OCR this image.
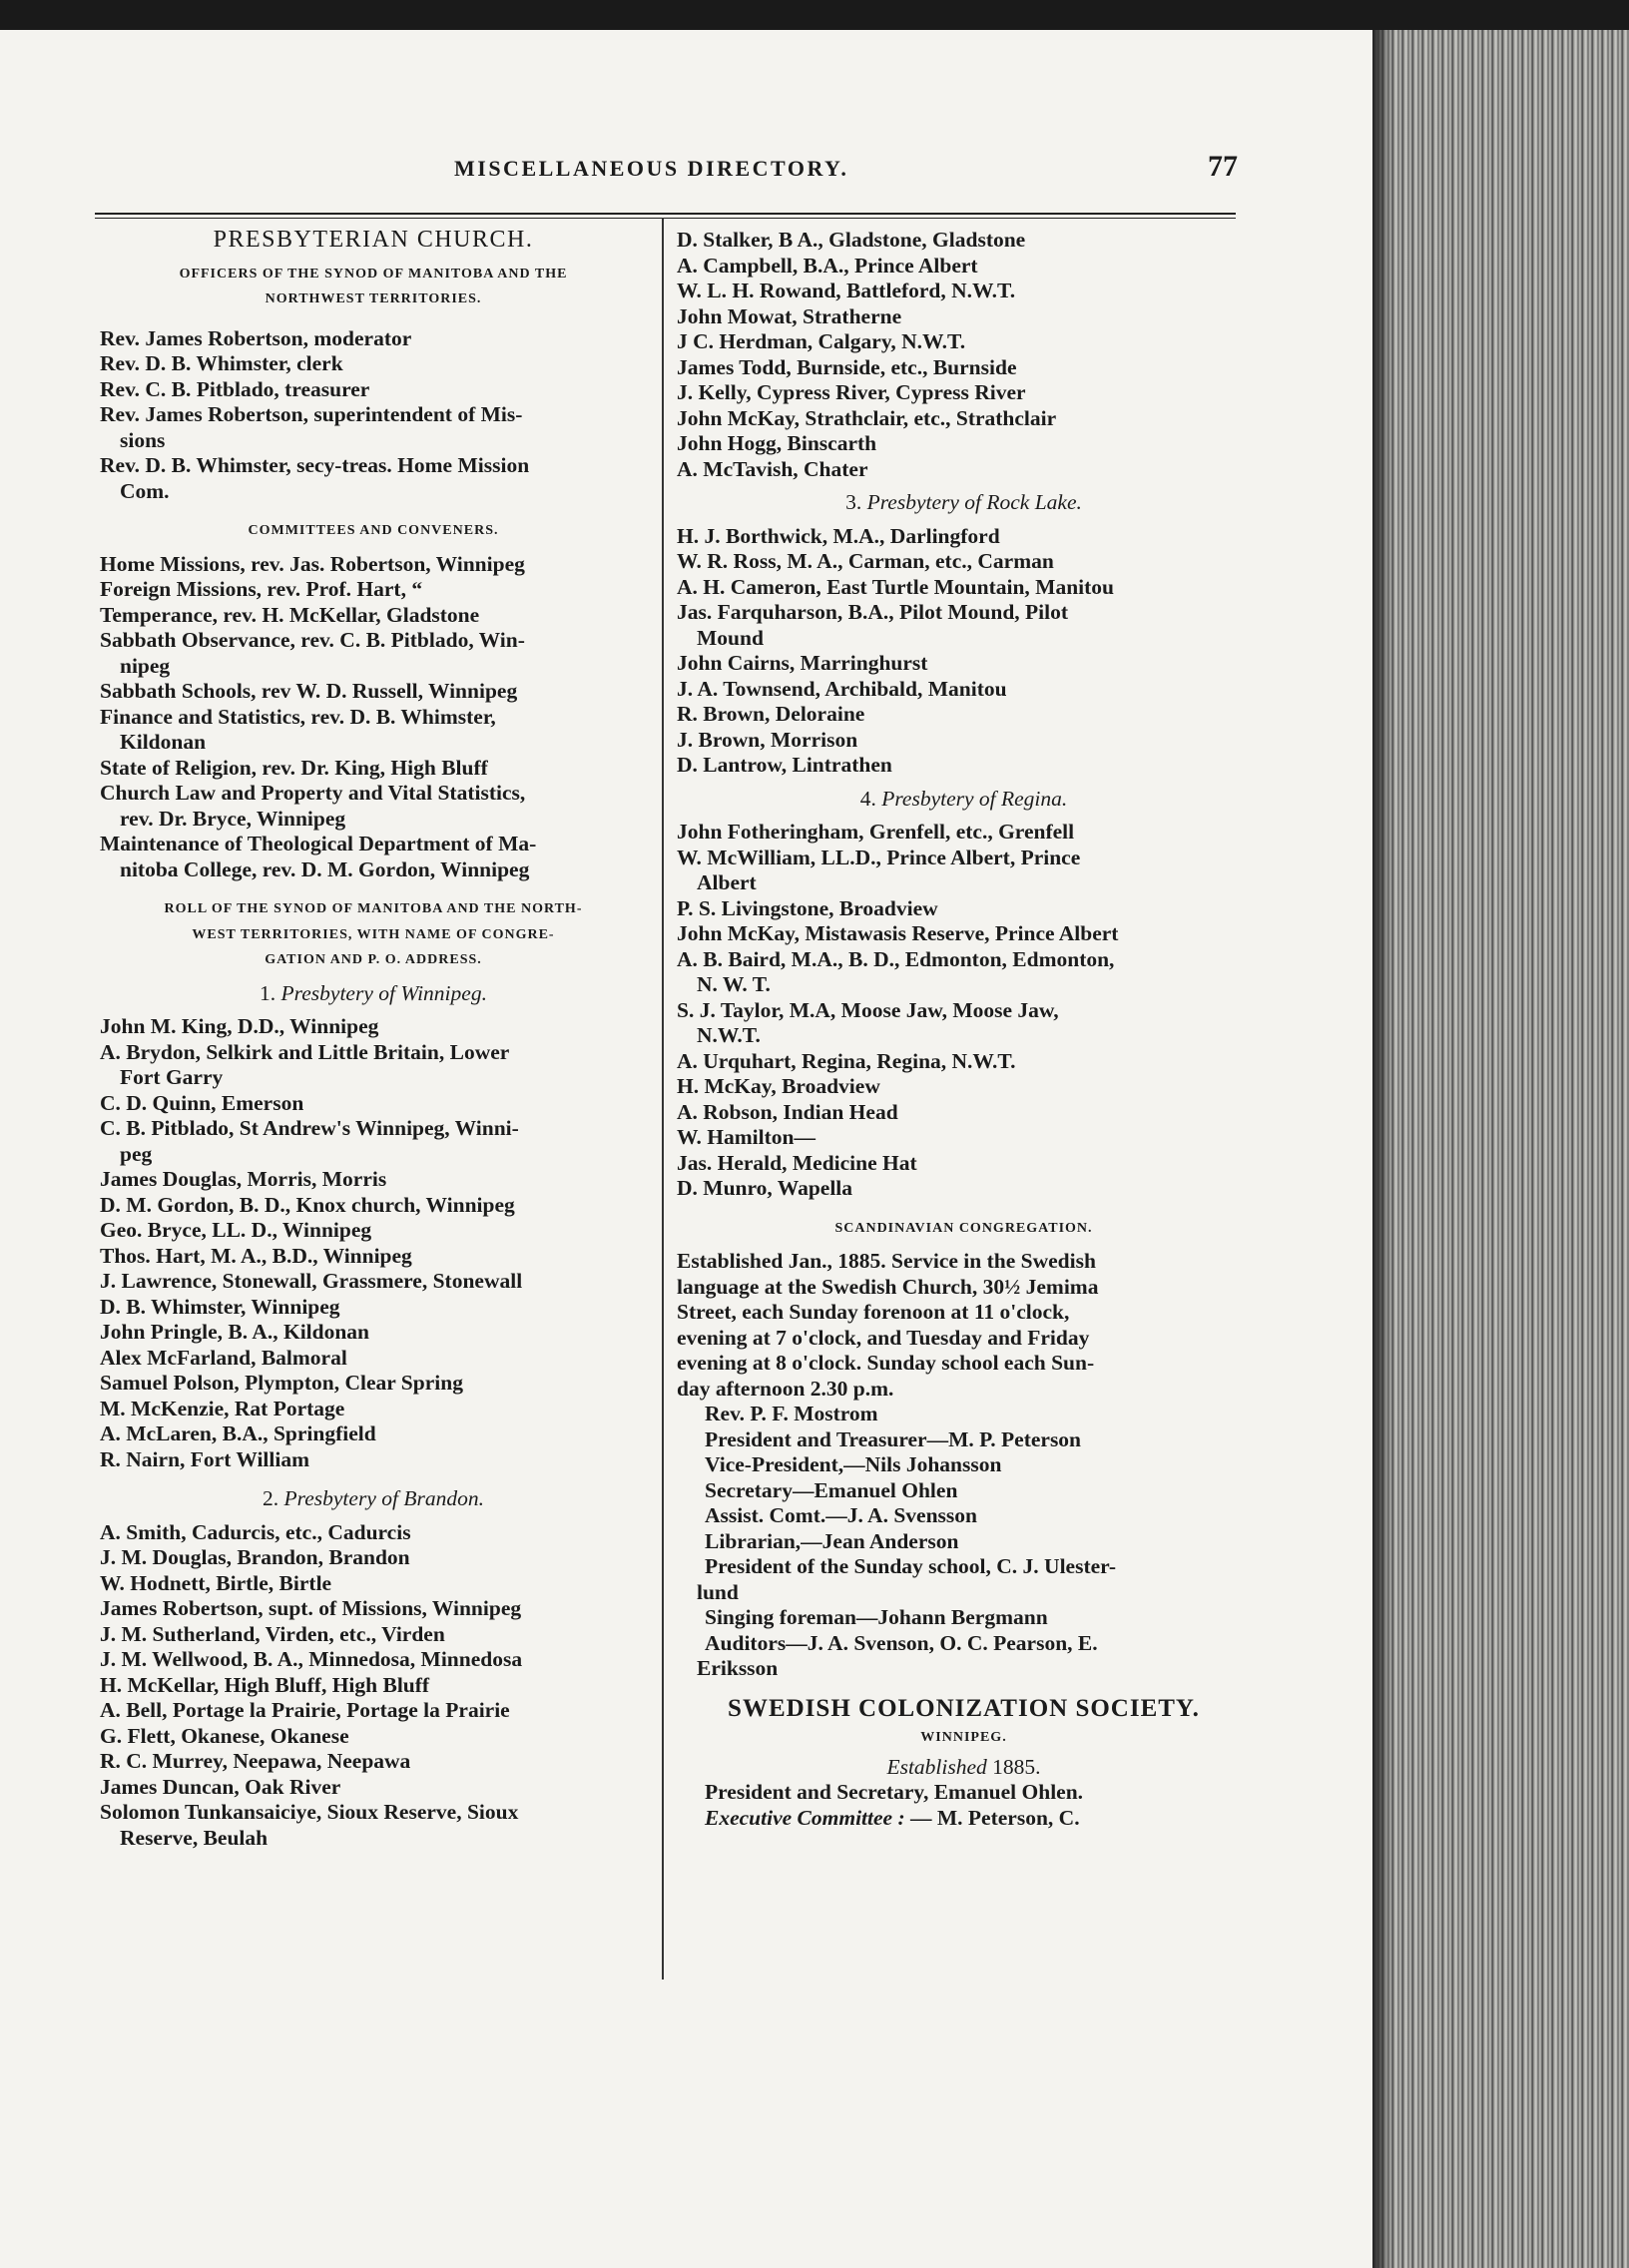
MISCELLANEOUS DIRECTORY.	77
PRESBYTERIAN CHURCH.
OFFICERS OF THE SYNOD OF MANITOBA AND THE
NORTHWEST TERRITORIES.
Rev. James Robertson, moderator
Rev. D. B. Whimster, clerk
Rev. C. B. Pitblado, treasurer
Rev. James Robertson, superintendent of Mis-
sions
Rev. D. B. Whimster, secy-treas. Home Mission
Com.
COMMITTEES AND CONVENERS.
Home Missions, rev. Jas. Robertson, Winnipeg
Foreign Missions, rev. Prof. Hart, “
Temperance, rev. H. McKellar, Gladstone
Sabbath Observance, rev. C. B. Pitblado, Win-
nipeg
Sabbath Schools, rev W. D. Russell, Winnipeg
Finance and Statistics, rev. D. B. Whimster,
Kildonan
State of Religion, rev. Dr. King, High Bluff
Church Law and Property and Vital Statistics,
rev. Dr. Bryce, Winnipeg
Maintenance of Theological Department of Ma-
nitoba College, rev. D. M. Gordon, Winnipeg
ROLL OF THE SYNOD OF MANITOBA AND THE NORTH-
WEST TERRITORIES, WITH NAME OF CONGRE-
GATION AND P. O. ADDRESS.
1. Presbytery of Winnipeg.
John M. King, D.D., Winnipeg
A. Brydon, Selkirk and Little Britain, Lower
Fort Garry
C. D. Quinn, Emerson
C. B. Pitblado, St Andrew's Winnipeg, Winni-
peg
James Douglas, Morris, Morris
D. M. Gordon, B. D., Knox church, Winnipeg
Geo. Bryce, LL. D., Winnipeg
Thos. Hart, M. A., B.D., Winnipeg
J. Lawrence, Stonewall, Grassmere, Stonewall
D. B. Whimster, Winnipeg
John Pringle, B. A., Kildonan
Alex McFarland, Balmoral
Samuel Polson, Plympton, Clear Spring
M. McKenzie, Rat Portage
A. McLaren, B.A., Springfield
R. Nairn, Fort William
2. Presbytery of Brandon.
A. Smith, Cadurcis, etc., Cadurcis
J. M. Douglas, Brandon, Brandon
W. Hodnett, Birtle, Birtle
James Robertson, supt. of Missions, Winnipeg
J. M. Sutherland, Virden, etc., Virden
J. M. Wellwood, B. A., Minnedosa, Minnedosa
H. McKellar, High Bluff, High Bluff
A. Bell, Portage la Prairie, Portage la Prairie
G. Flett, Okanese, Okanese
R. C. Murrey, Neepawa, Neepawa
James Duncan, Oak River
Solomon Tunkansaiciye, Sioux Reserve, Sioux
Reserve, Beulah
D. Stalker, B A., Gladstone, Gladstone
A. Campbell, B.A., Prince Albert
W. L. H. Rowand, Battleford, N.W.T.
John Mowat, Stratherne
J C. Herdman, Calgary, N.W.T.
James Todd, Burnside, etc., Burnside
J. Kelly, Cypress River, Cypress River
John McKay, Strathclair, etc., Strathclair
John Hogg, Binscarth
A. McTavish, Chater
3. Presbytery of Rock Lake.
H. J. Borthwick, M.A., Darlingford
W. R. Ross, M. A., Carman, etc., Carman
A. H. Cameron, East Turtle Mountain, Manitou
Jas. Farquharson, B.A., Pilot Mound, Pilot
Mound
John Cairns, Marringhurst
J. A. Townsend, Archibald, Manitou
R. Brown, Deloraine
J. Brown, Morrison
D. Lantrow, Lintrathen
4. Presbytery of Regina.
John Fotheringham, Grenfell, etc., Grenfell
W. McWilliam, LL.D., Prince Albert, Prince
Albert
P. S. Livingstone, Broadview
John McKay, Mistawasis Reserve, Prince Albert
A. B. Baird, M.A., B. D., Edmonton, Edmonton,
N. W. T.
S. J. Taylor, M.A, Moose Jaw, Moose Jaw,
N.W.T.
A. Urquhart, Regina, Regina, N.W.T.
H. McKay, Broadview
A. Robson, Indian Head
W. Hamilton—
Jas. Herald, Medicine Hat
D. Munro, Wapella
SCANDINAVIAN CONGREGATION.
Established Jan., 1885. Service in the Swedish
language at the Swedish Church, 30½ Jemima
Street, each Sunday forenoon at 11 o'clock,
evening at 7 o'clock, and Tuesday and Friday
evening at 8 o'clock. Sunday school each Sun-
day afternoon 2.30 p.m.
Rev. P. F. Mostrom
President and Treasurer—M. P. Peterson
Vice-President,—Nils Johansson
Secretary—Emanuel Ohlen
Assist. Comt.—J. A. Svensson
Librarian,—Jean Anderson
President of the Sunday school, C. J. Ulester-
lund
Singing foreman—Johann Bergmann
Auditors—J. A. Svenson, O. C. Pearson, E.
Eriksson
SWEDISH COLONIZATION SOCIETY.
WINNIPEG.
Established 1885.
President and Secretary, Emanuel Ohlen.
Executive Committee : — M. Peterson, C.
